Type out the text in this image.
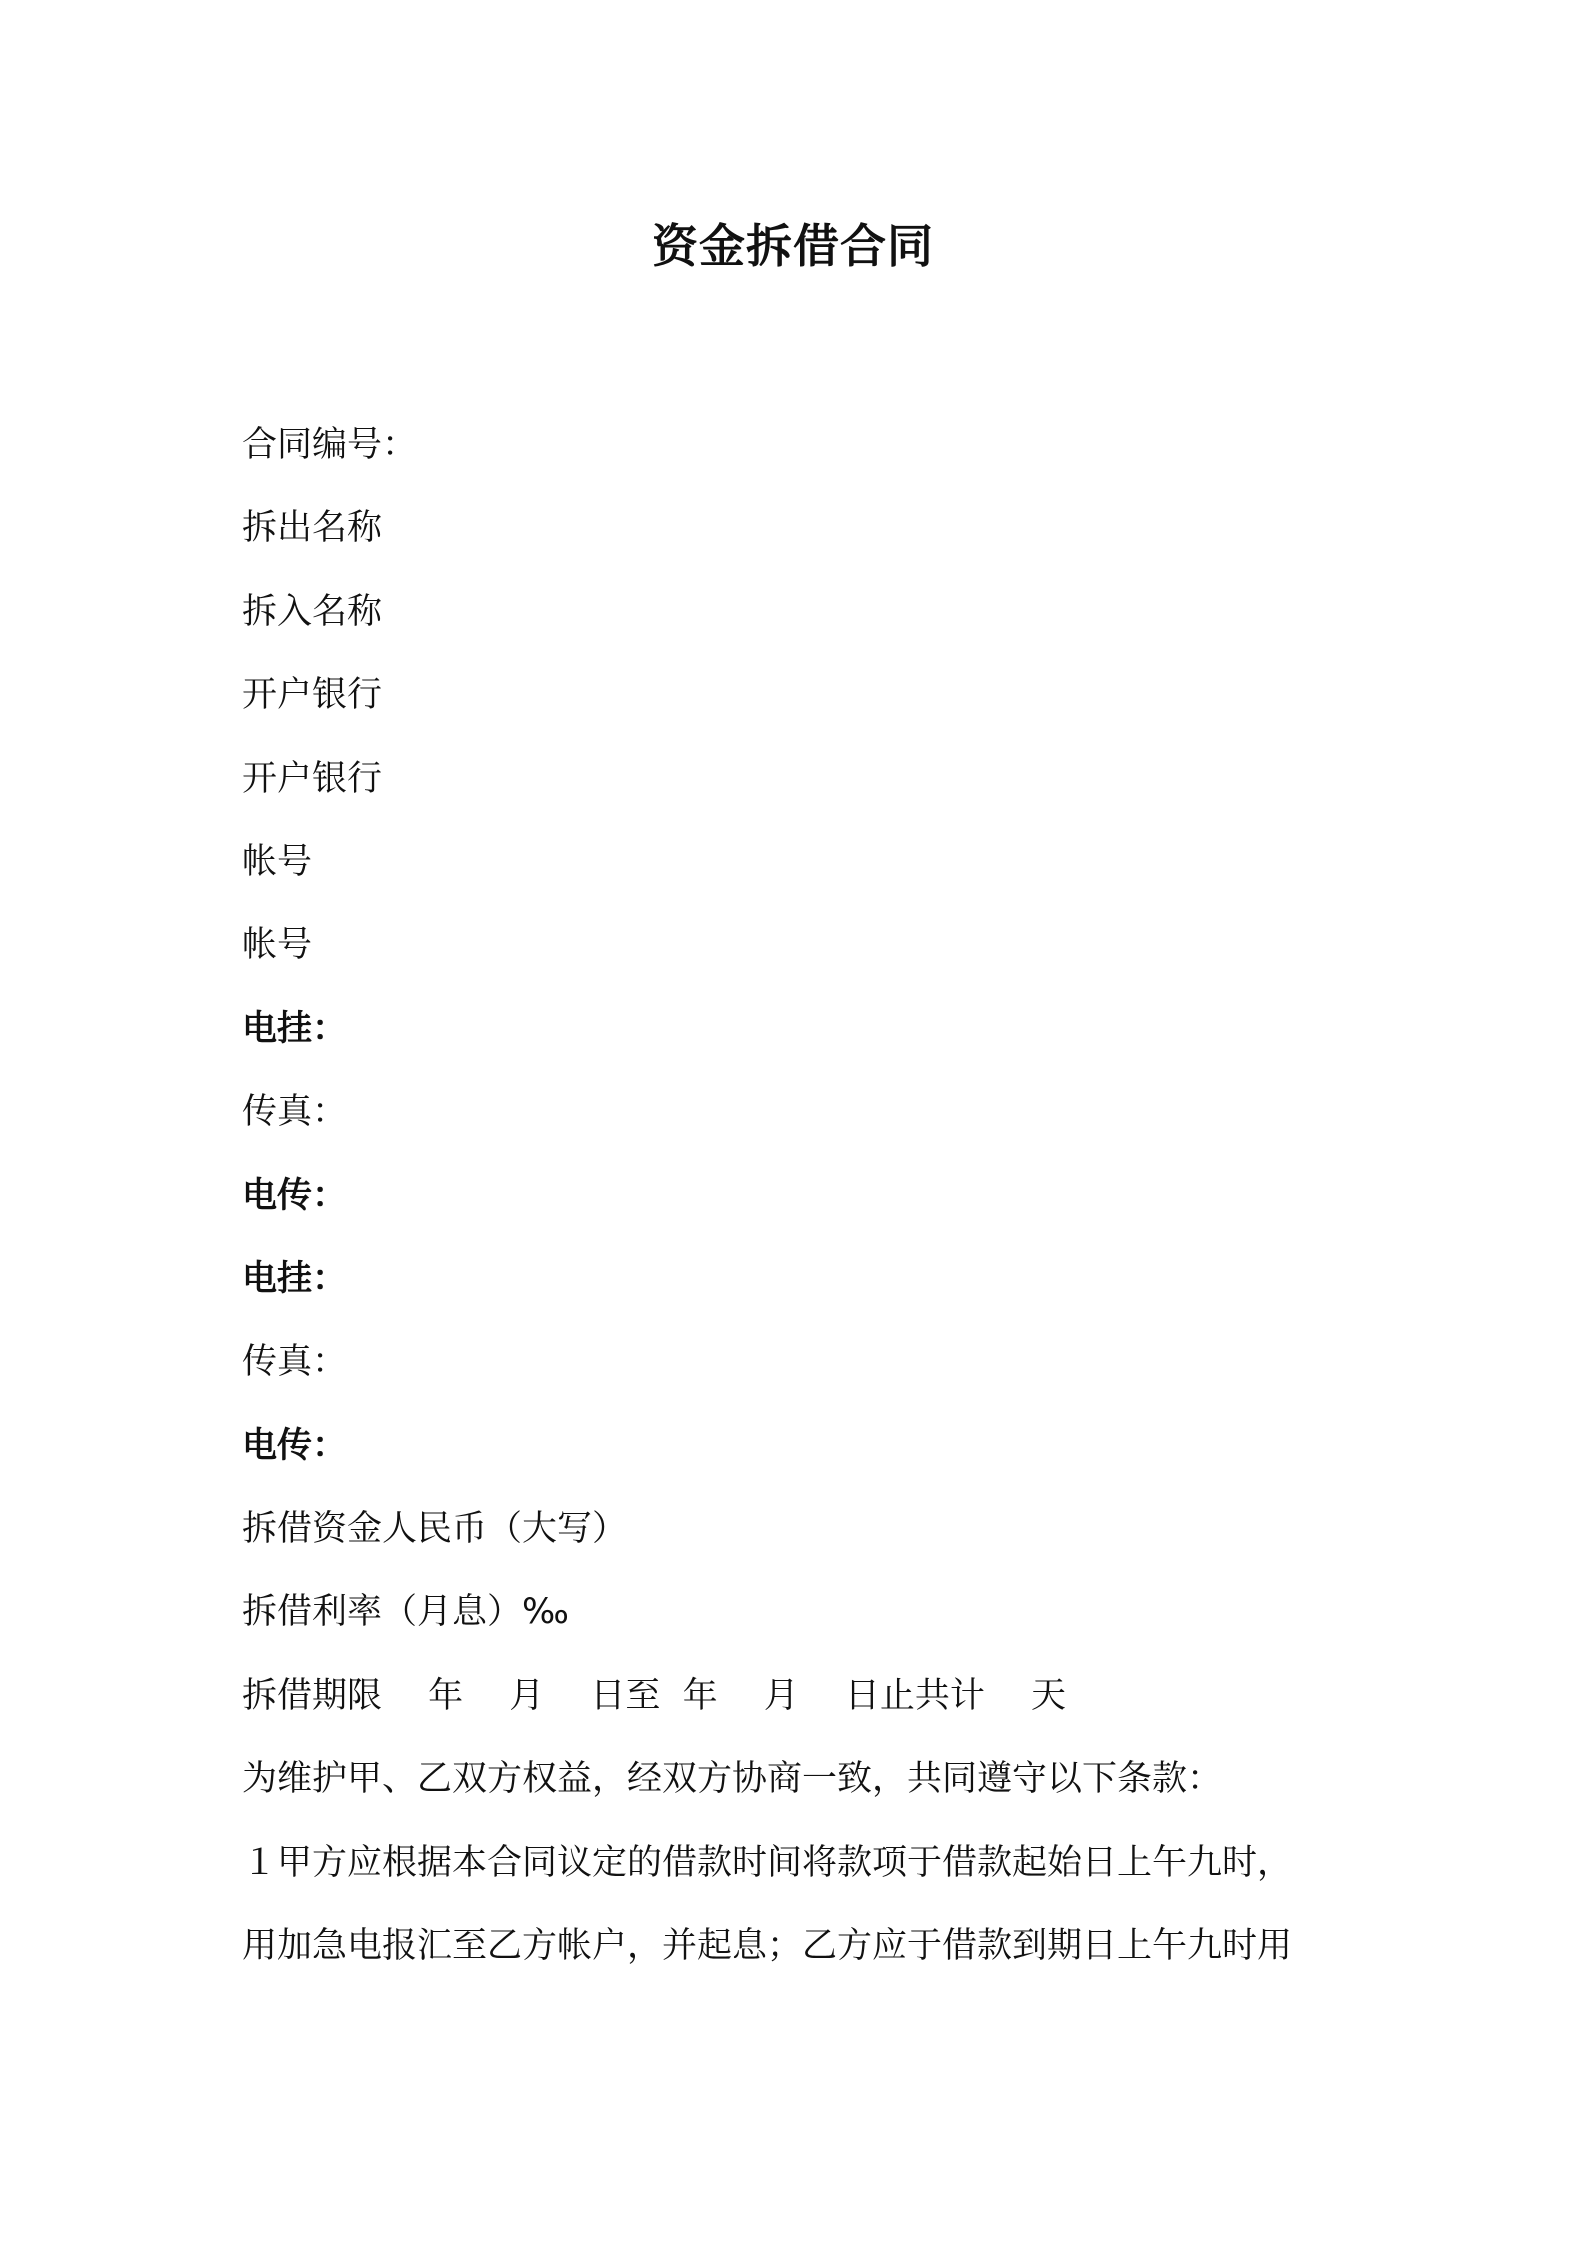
资金拆借合同

合同编号：

拆出名称

拆入名称

开户银行

开户银行

帐号

帐号

电挂：

传真：

电传：

电挂：

传真：

电传：

拆借资金人民币（大写）

拆借利率（月息）‰

拆借期限　 年　 月　 日至  年　 月　 日止共计　 天

为维护甲、乙双方权益，经双方协商一致，共同遵守以下条款：

１甲方应根据本合同议定的借款时间将款项于借款起始日上午九时，

用加急电报汇至乙方帐户，并起息；乙方应于借款到期日上午九时用
